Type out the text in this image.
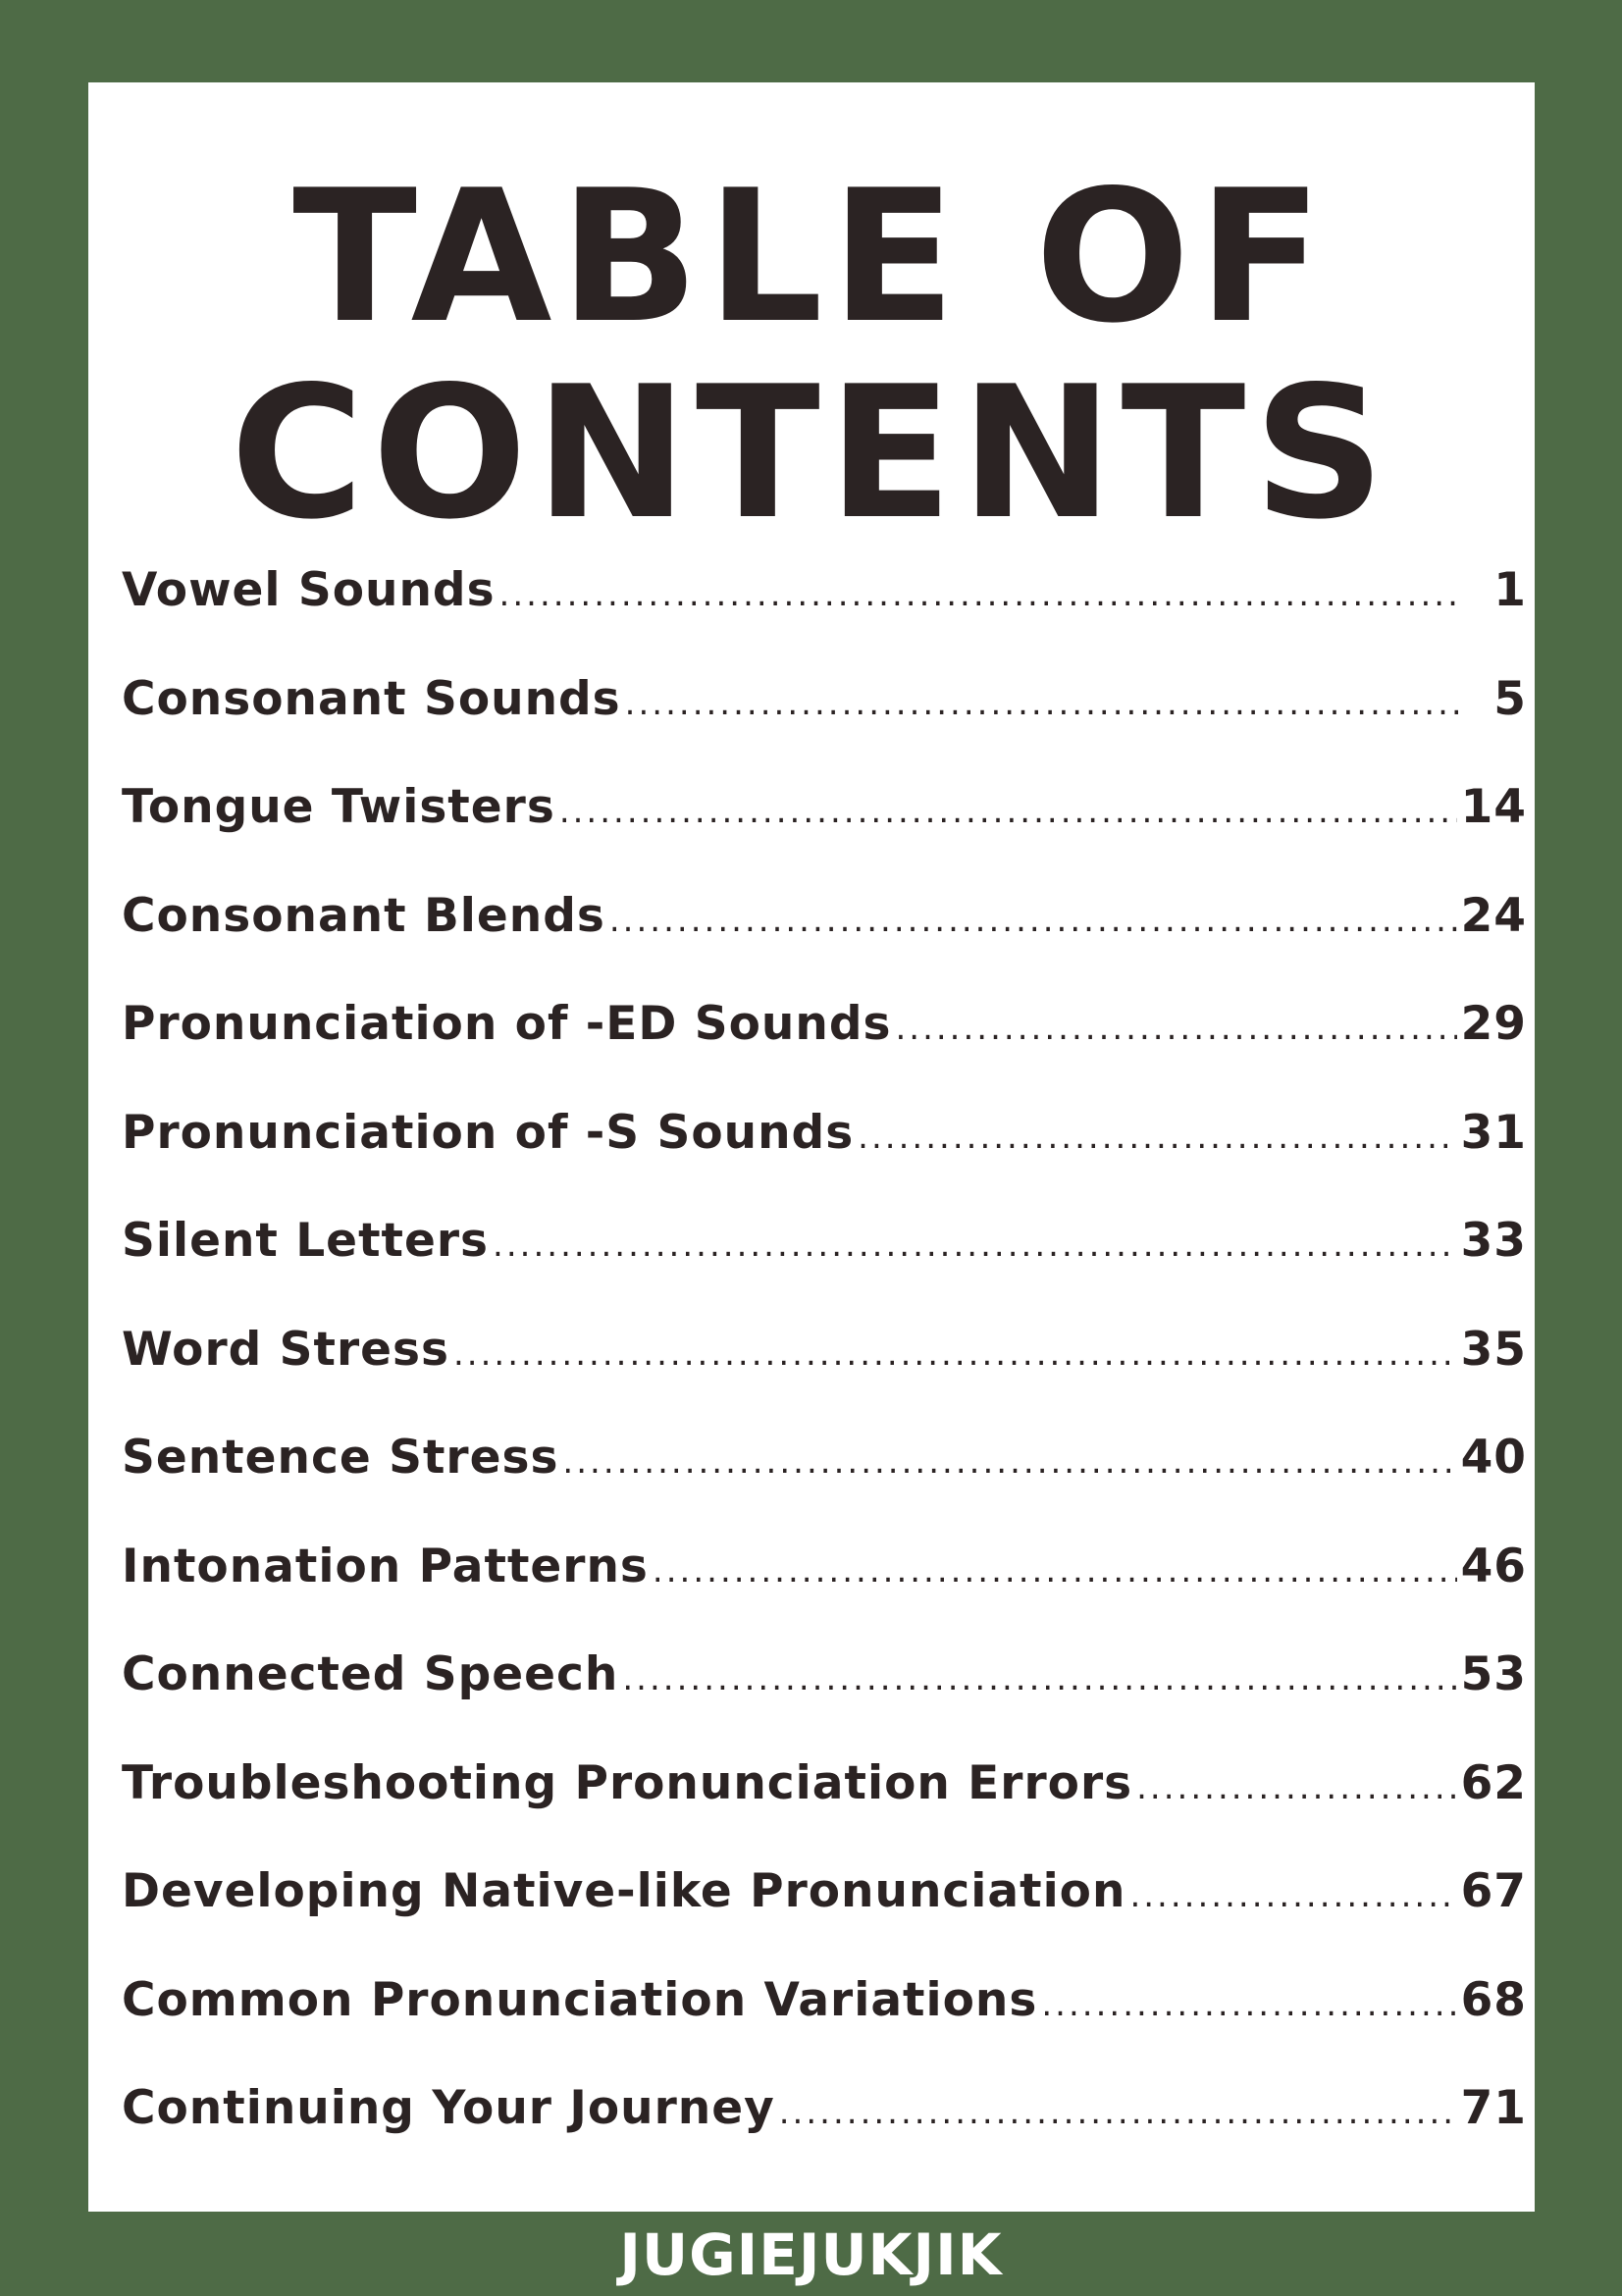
TABLE OF
CONTENTS
Vowel Sounds .....	1
Consonant Sounds .....	5
Tongue Twisters .....	14
Consonant Blends .....	24
Pronunciation of -ED Sounds .....	29
Pronunciation of -S Sounds .....	31
Silent Letters .....	33
Word Stress .....	35
Sentence Stress .....	40
Intonation Patterns .....	46
Connected Speech .....	53
Troubleshooting Pronunciation Errors .....	62
Developing Native-like Pronunciation .....	67
Common Pronunciation Variations .....	68
Continuing Your Journey .....	71
JUGIEJUKJIK
